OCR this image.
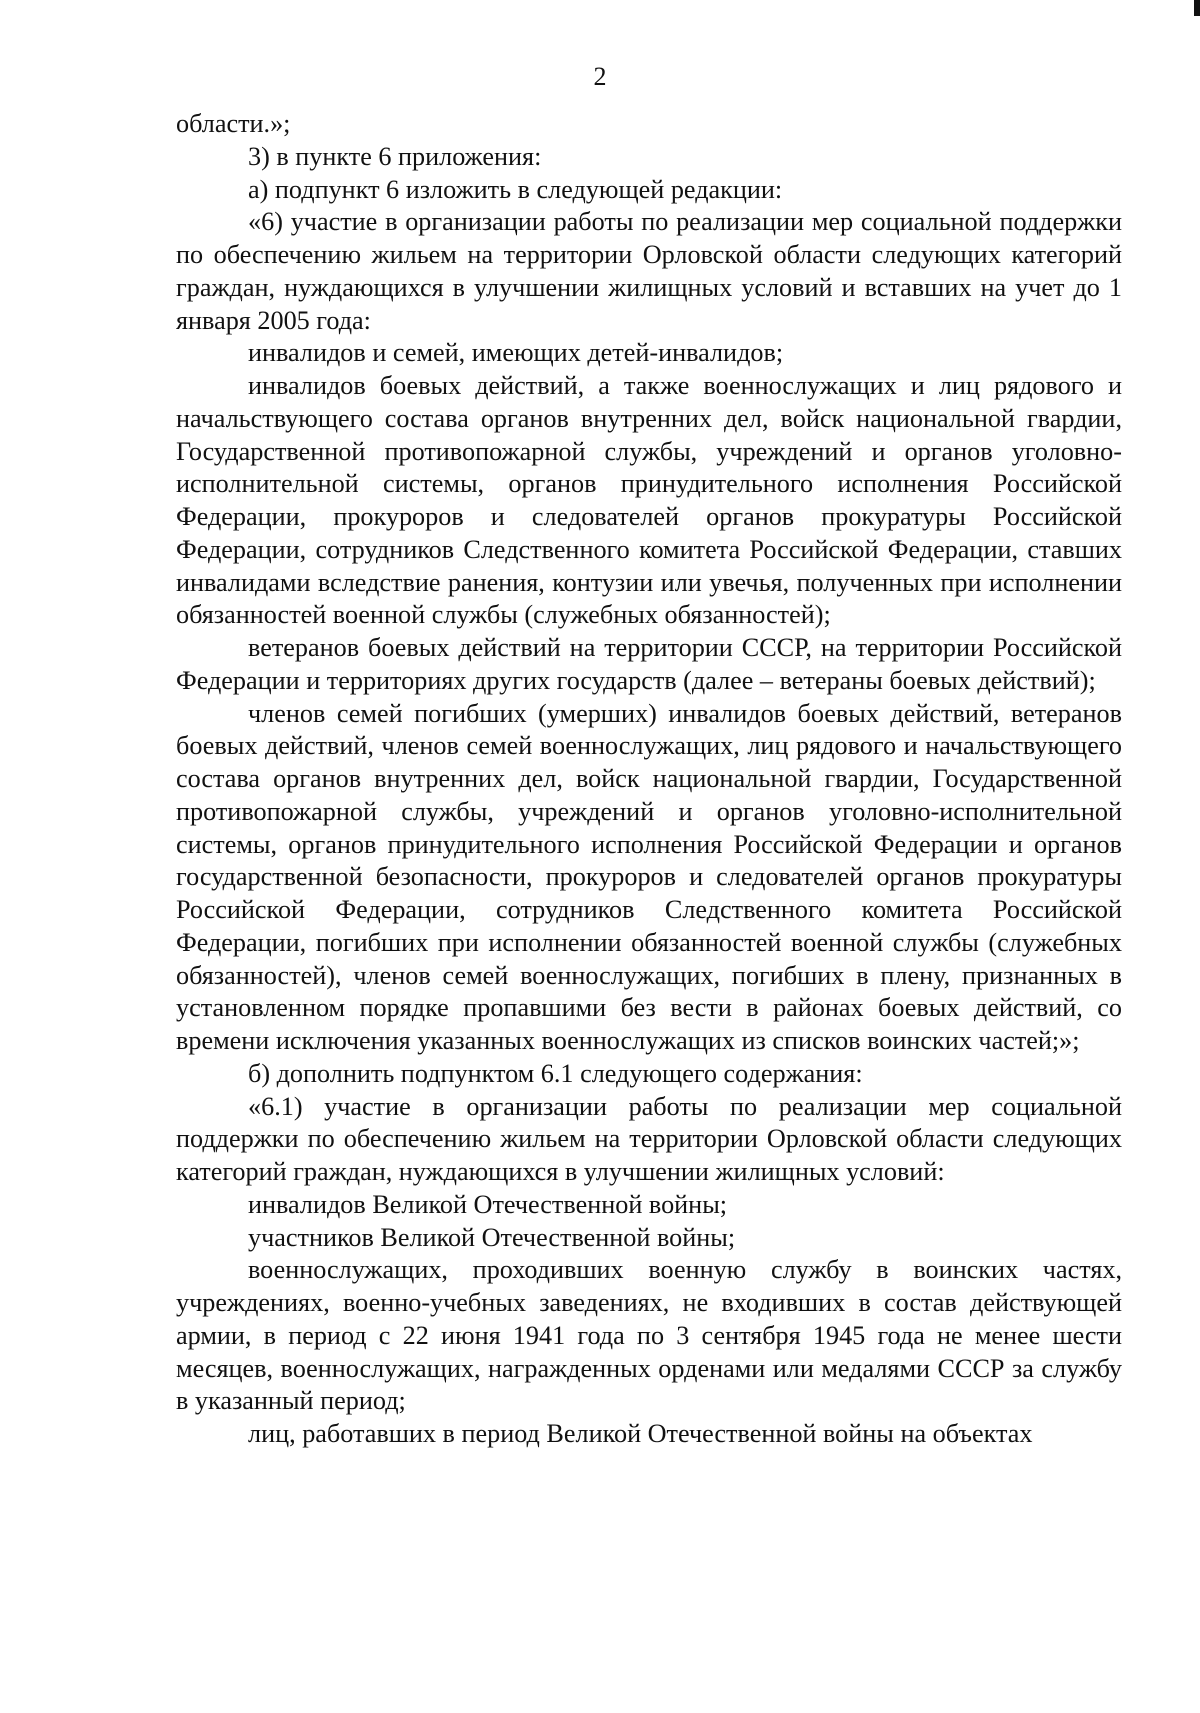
2

области.»;

3) в пункте 6 приложения:

а) подпункт 6 изложить в следующей редакции:

«6) участие в организации работы по реализации мер социальной поддержки по обеспечению жильем на территории Орловской области следующих категорий граждан, нуждающихся в улучшении жилищных условий и вставших на учет до 1 января 2005 года:

инвалидов и семей, имеющих детей-инвалидов;

инвалидов боевых действий, а также военнослужащих и лиц рядового и начальствующего состава органов внутренних дел, войск национальной гвардии, Государственной противопожарной службы, учреждений и органов уголовно-исполнительной системы, органов принудительного исполнения Российской Федерации, прокуроров и следователей органов прокуратуры Российской Федерации, сотрудников Следственного комитета Российской Федерации, ставших инвалидами вследствие ранения, контузии или увечья, полученных при исполнении обязанностей военной службы (служебных обязанностей);

ветеранов боевых действий на территории СССР, на территории Российской Федерации и территориях других государств (далее – ветераны боевых действий);

членов семей погибших (умерших) инвалидов боевых действий, ветеранов боевых действий, членов семей военнослужащих, лиц рядового и начальствующего состава органов внутренних дел, войск национальной гвардии, Государственной противопожарной службы, учреждений и органов уголовно-исполнительной системы, органов принудительного исполнения Российской Федерации и органов государственной безопасности, прокуроров и следователей органов прокуратуры Российской Федерации, сотрудников Следственного комитета Российской Федерации, погибших при исполнении обязанностей военной службы (служебных обязанностей), членов семей военнослужащих, погибших в плену, признанных в установленном порядке пропавшими без вести в районах боевых действий, со времени исключения указанных военнослужащих из списков воинских частей;»;

б) дополнить подпунктом 6.1 следующего содержания:

«6.1) участие в организации работы по реализации мер социальной поддержки по обеспечению жильем на территории Орловской области следующих категорий граждан, нуждающихся в улучшении жилищных условий:

инвалидов Великой Отечественной войны;

участников Великой Отечественной войны;

военнослужащих, проходивших военную службу в воинских частях, учреждениях, военно-учебных заведениях, не входивших в состав действующей армии, в период с 22 июня 1941 года по 3 сентября 1945 года не менее шести месяцев, военнослужащих, награжденных орденами или медалями СССР за службу в указанный период;

лиц, работавших в период Великой Отечественной войны на объектах
